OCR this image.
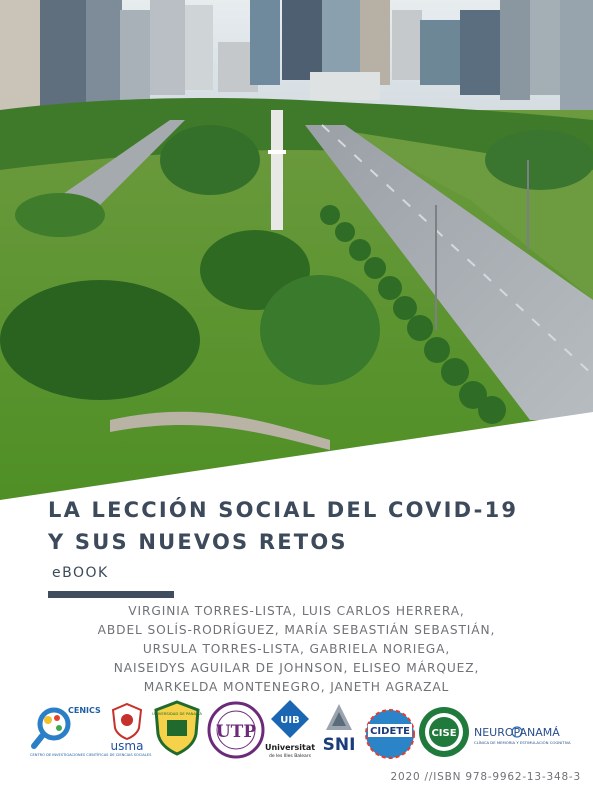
LA LECCIÓN SOCIAL DEL COVID-19
Y SUS NUEVOS RETOS
eBOOK
VIRGINIA TORRES-LISTA, LUIS CARLOS HERRERA,
ABDEL SOLÍS-RODRÍGUEZ, MARÍA SEBASTIÁN SEBASTIÁN,
URSULA TORRES-LISTA, GABRIELA NORIEGA,
NAISEIDYS AGUILAR DE JOHNSON, ELISEO MÁRQUEZ,
MARKELDA MONTENEGRO, JANETH AGRAZAL
CENICS
CENTRO DE INVESTIGACIONES CIENTÍFICAS DE CIENCIAS SOCIALES
usma
UNIVERSIDAD DE PANAMÁ
UTP
UIB
Universitat
de les Illes Balears
SNI
CIDETE CISE NEUROPANAMÁ
CLÍNICA DE MEMORIA Y ESTIMULACIÓN COGNITIVA
2020 //ISBN 978-9962-13-348-3
